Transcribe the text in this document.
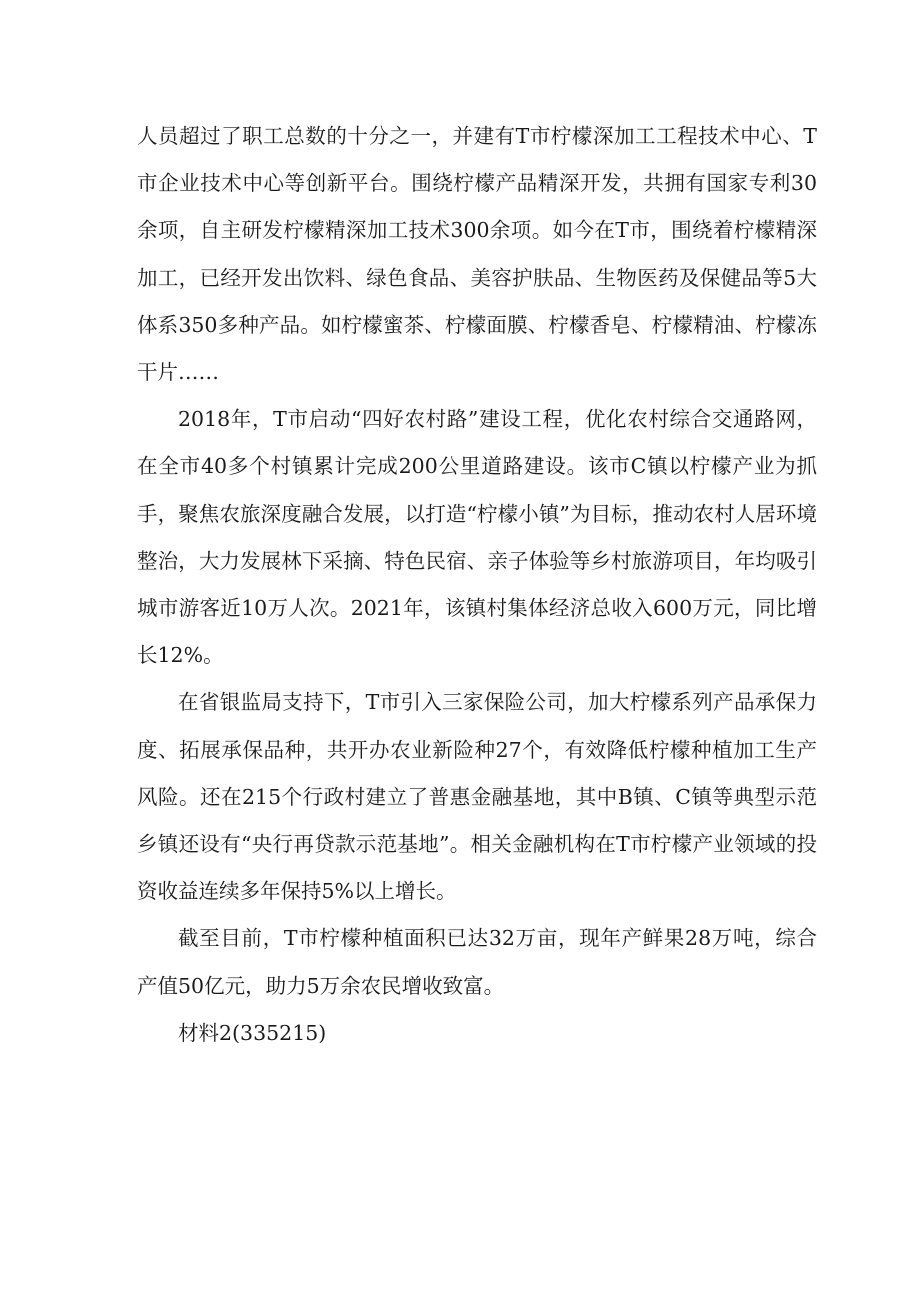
人员超过了职工总数的十分之一，并建有T市柠檬深加工工程技术中心、T市企业技术中心等创新平台。围绕柠檬产品精深开发，共拥有国家专利30余项，自主研发柠檬精深加工技术300余项。如今在T市，围绕着柠檬精深加工，已经开发出饮料、绿色食品、美容护肤品、生物医药及保健品等5大体系350多种产品。如柠檬蜜茶、柠檬面膜、柠檬香皂、柠檬精油、柠檬冻干片……

2018年，T市启动“四好农村路”建设工程，优化农村综合交通路网，在全市40多个村镇累计完成200公里道路建设。该市C镇以柠檬产业为抓手，聚焦农旅深度融合发展，以打造“柠檬小镇”为目标，推动农村人居环境整治，大力发展林下采摘、特色民宿、亲子体验等乡村旅游项目，年均吸引城市游客近10万人次。2021年，该镇村集体经济总收入600万元，同比增长12%。

在省银监局支持下，T市引入三家保险公司，加大柠檬系列产品承保力度、拓展承保品种，共开办农业新险种27个，有效降低柠檬种植加工生产风险。还在215个行政村建立了普惠金融基地，其中B镇、C镇等典型示范乡镇还设有“央行再贷款示范基地”。相关金融机构在T市柠檬产业领域的投资收益连续多年保持5%以上增长。

截至目前，T市柠檬种植面积已达32万亩，现年产鲜果28万吨，综合产值50亿元，助力5万余农民增收致富。

材料2(335215)
